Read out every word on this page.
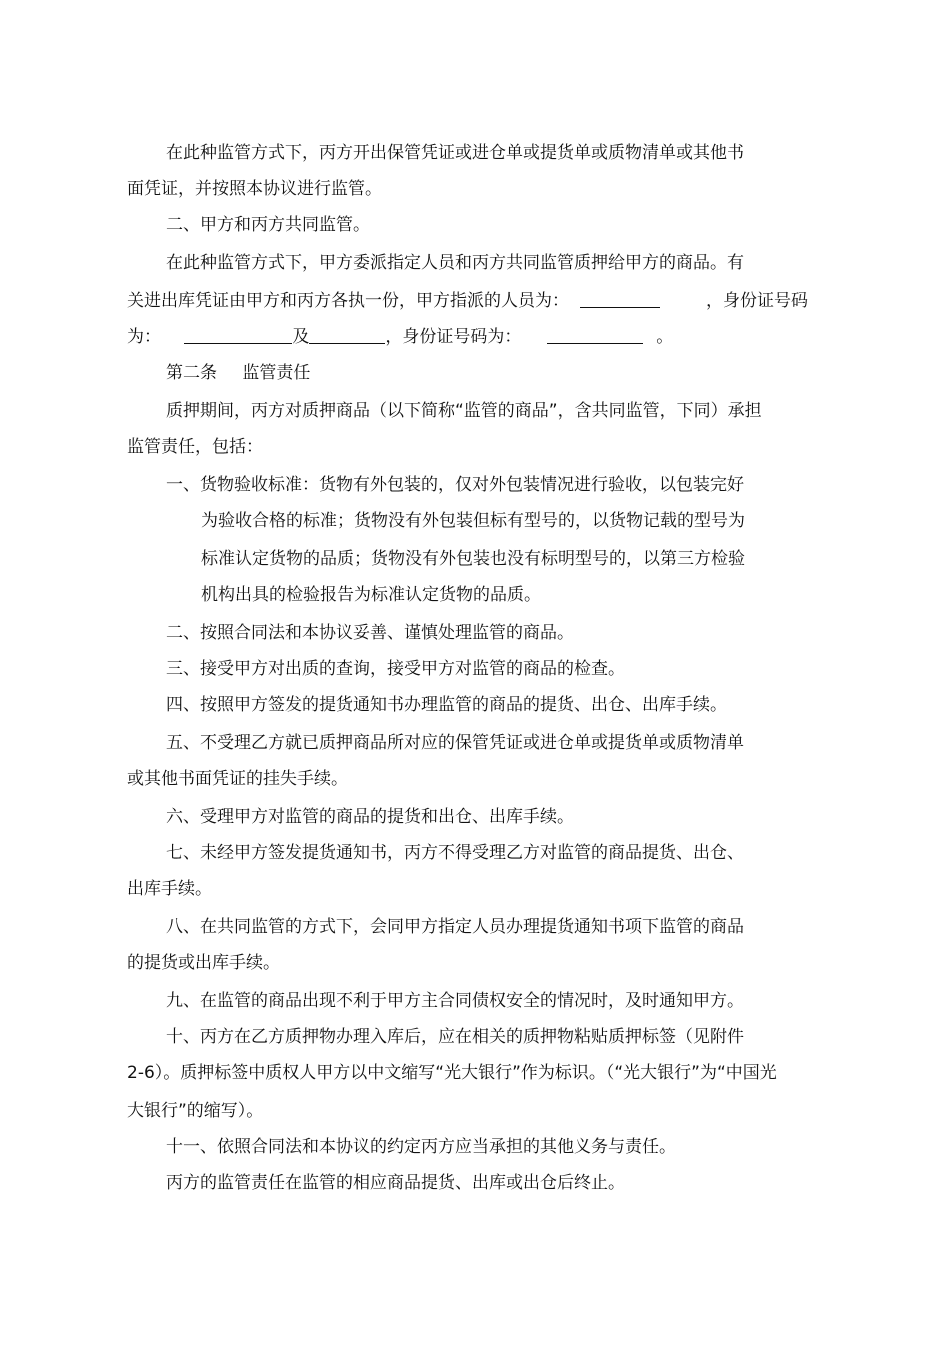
在此种监管方式下，丙方开出保管凭证或进仓单或提货单或质物清单或其他书
面凭证，并按照本协议进行监管。
二、甲方和丙方共同监管。
在此种监管方式下，甲方委派指定人员和丙方共同监管质押给甲方的商品。有
关进出库凭证由甲方和丙方各执一份，甲方指派的人员为：	，身份证号码
为：	及	，身份证号码为：	。
第二条 监管责任
质押期间，丙方对质押商品（以下简称“监管的商品”，含共同监管，下同）承担
监管责任，包括：
一、货物验收标准：货物有外包装的，仅对外包装情况进行验收，以包装完好
为验收合格的标准；货物没有外包装但标有型号的，以货物记载的型号为
标准认定货物的品质；货物没有外包装也没有标明型号的，以第三方检验
机构出具的检验报告为标准认定货物的品质。
二、按照合同法和本协议妥善、谨慎处理监管的商品。
三、接受甲方对出质的查询，接受甲方对监管的商品的检查。
四、按照甲方签发的提货通知书办理监管的商品的提货、出仓、出库手续。
五、不受理乙方就已质押商品所对应的保管凭证或进仓单或提货单或质物清单
或其他书面凭证的挂失手续。
六、受理甲方对监管的商品的提货和出仓、出库手续。
七、未经甲方签发提货通知书，丙方不得受理乙方对监管的商品提货、出仓、
出库手续。
八、在共同监管的方式下，会同甲方指定人员办理提货通知书项下监管的商品
的提货或出库手续。
九、在监管的商品出现不利于甲方主合同债权安全的情况时，及时通知甲方。
十、丙方在乙方质押物办理入库后，应在相关的质押物粘贴质押标签（见附件
2-6）。质押标签中质权人甲方以中文缩写“光大银行”作为标识。（“光大银行”为“中国光
大银行”的缩写）。
十一、依照合同法和本协议的约定丙方应当承担的其他义务与责任。
丙方的监管责任在监管的相应商品提货、出库或出仓后终止。
